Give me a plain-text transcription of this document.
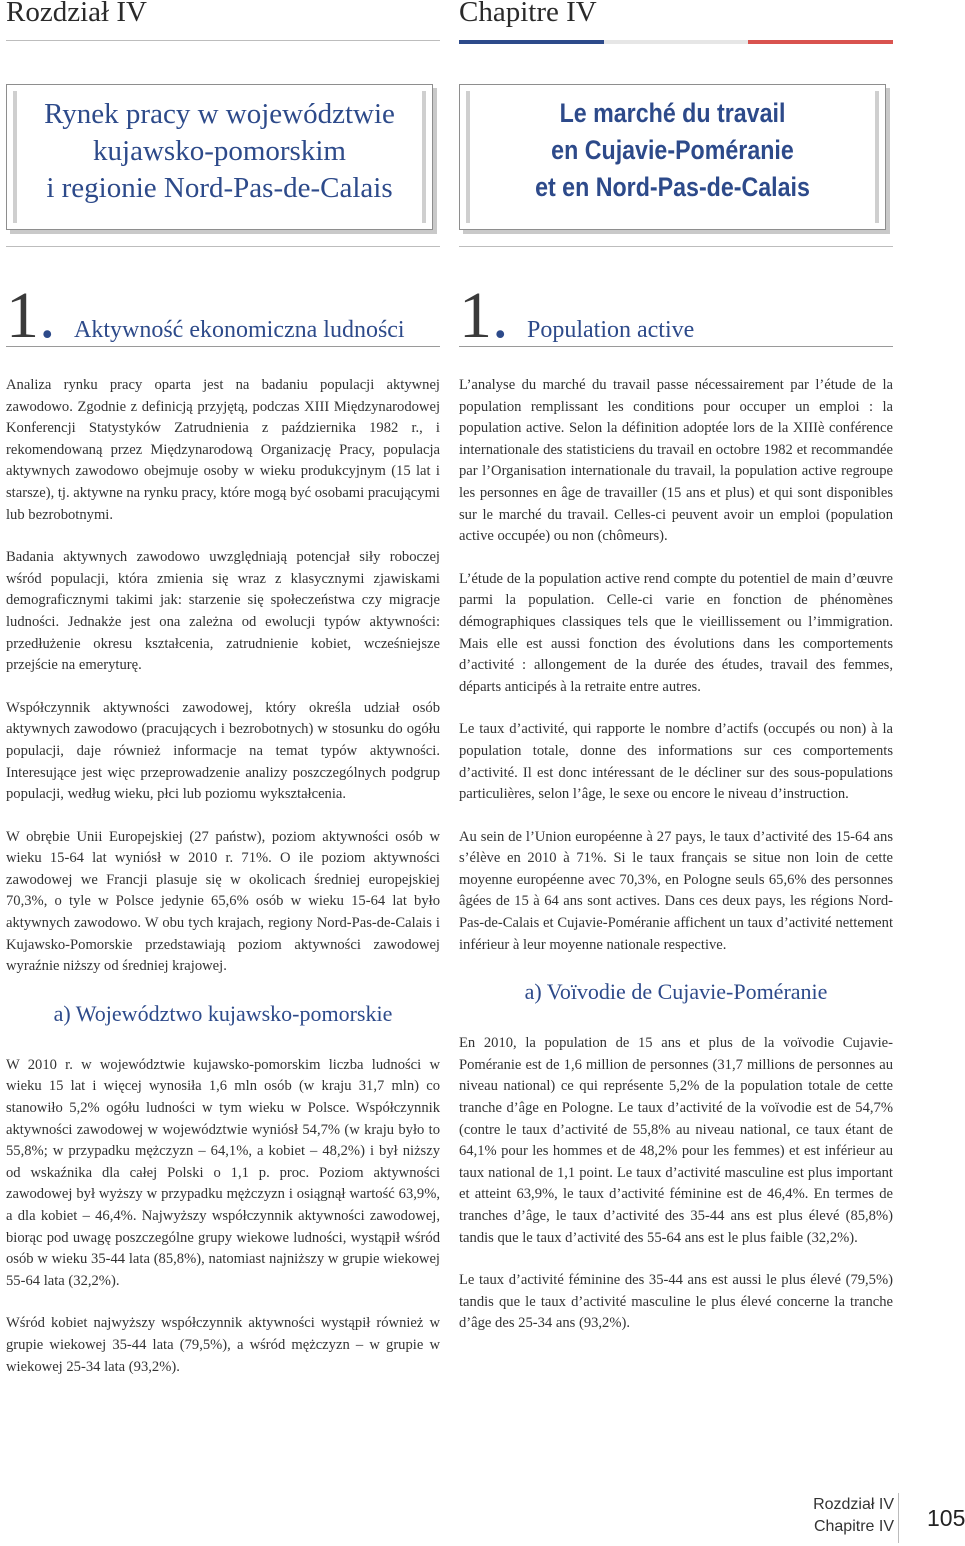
Rozdział IV
Rynek pracy w województwie
kujawsko-pomorskim
i regionie Nord-Pas-de-Calais
1. Aktywność ekonomiczna ludności

Analiza rynku pracy oparta jest na badaniu populacji aktywnej zawodowo. Zgodnie z definicją przyjętą, podczas XIII Międzynarodowej Konferencji Statystyków Zatrudnienia z października 1982 r., i rekomendowaną przez Międzynarodową Organizację Pracy, populacja aktywnych zawodowo obejmuje osoby w wieku produkcyjnym (15 lat i starsze), tj. aktywne na rynku pracy, które mogą być osobami pracującymi lub bezrobotnymi.

Badania aktywnych zawodowo uwzględniają potencjał siły roboczej wśród populacji, która zmienia się wraz z klasycznymi zjawiskami demograficznymi takimi jak: starzenie się społeczeństwa czy migracje ludności. Jednakże jest ona zależna od ewolucji typów aktywności: przedłużenie okresu kształcenia, zatrudnienie kobiet, wcześniejsze przejście na emeryturę.

Współczynnik aktywności zawodowej, który określa udział osób aktywnych zawodowo (pracujących i bezrobotnych) w stosunku do ogółu populacji, daje również informacje na temat typów aktywności. Interesujące jest więc przeprowadzenie analizy poszczególnych podgrup populacji, według wieku, płci lub poziomu wykształcenia.

W obrębie Unii Europejskiej (27 państw), poziom aktywności osób w wieku 15-64 lat wyniósł w 2010 r. 71%. O ile poziom aktywności zawodowej we Francji plasuje się w okolicach średniej europejskiej 70,3%, o tyle w Polsce jedynie 65,6% osób w wieku 15-64 lat było aktywnych zawodowo. W obu tych krajach, regiony Nord-Pas-de-Calais i Kujawsko-Pomorskie przedstawiają poziom aktywności zawodowej wyraźnie niższy od średniej krajowej.

a) Województwo kujawsko-pomorskie

W 2010 r. w województwie kujawsko-pomorskim liczba ludności w wieku 15 lat i więcej wynosiła 1,6 mln osób (w kraju 31,7 mln) co stanowiło 5,2% ogółu ludności w tym wieku w Polsce. Współczynnik aktywności zawodowej w województwie wyniósł 54,7% (w kraju było to 55,8%; w przypadku mężczyzn – 64,1%, a kobiet – 48,2%) i był niższy od wskaźnika dla całej Polski o 1,1 p. proc. Poziom aktywności zawodowej był wyższy w przypadku mężczyzn i osiągnął wartość 63,9%, a dla kobiet – 46,4%. Najwyższy współczynnik aktywności zawodowej, biorąc pod uwagę poszczególne grupy wiekowe ludności, wystąpił wśród osób w wieku 35-44 lata (85,8%), natomiast najniższy w grupie wiekowej 55-64 lata (32,2%).

Wśród kobiet najwyższy współczynnik aktywności wystąpił również w grupie wiekowej 35-44 lata (79,5%), a wśród mężczyzn – w grupie w wiekowej 25-34 lata (93,2%).

Chapitre IV
Le marché du travail
en Cujavie-Poméranie
et en Nord-Pas-de-Calais
1. Population active

L’analyse du marché du travail passe nécessairement par l’étude de la population remplissant les conditions pour occuper un emploi : la population active. Selon la définition adoptée lors de la XIIIè conférence internationale des statisticiens du travail en octobre 1982 et recommandée par l’Organisation internationale du travail, la population active regroupe les personnes en âge de travailler (15 ans et plus) et qui sont disponibles sur le marché du travail. Celles-ci peuvent avoir un emploi (population active occupée) ou non (chômeurs).

L’étude de la population active rend compte du potentiel de main d’œuvre parmi la population. Celle-ci varie en fonction de phénomènes démographiques classiques tels que le vieillissement ou l’immigration. Mais elle est aussi fonction des évolutions dans les comportements d’activité : allongement de la durée des études, travail des femmes, départs anticipés à la retraite entre autres.

Le taux d’activité, qui rapporte le nombre d’actifs (occupés ou non) à la population totale, donne des informations sur ces comportements d’activité. Il est donc intéressant de le décliner sur des sous-populations particulières, selon l’âge, le sexe ou encore le niveau d’instruction.

Au sein de l’Union européenne à 27 pays, le taux d’activité des 15-64 ans s’élève en 2010 à 71%. Si le taux français se situe non loin de cette moyenne européenne avec 70,3%, en Pologne seuls 65,6% des personnes âgées de 15 à 64 ans sont actives. Dans ces deux pays, les régions Nord-Pas-de-Calais et Cujavie-Poméranie affichent un taux d’activité nettement inférieur à leur moyenne nationale respective.

a) Voïvodie de Cujavie-Poméranie

En 2010, la population de 15 ans et plus de la voïvodie Cujavie-Poméranie est de 1,6 million de personnes (31,7 millions de personnes au niveau national) ce qui représente 5,2% de la population totale de cette tranche d’âge en Pologne. Le taux d’activité de la voïvodie est de 54,7% (contre le taux d’activité de 55,8% au niveau national, ce taux étant de 64,1% pour les hommes et de 48,2% pour les femmes) et est inférieur au taux national de 1,1 point. Le taux d’activité masculine est plus important et atteint 63,9%, le taux d’activité féminine est de 46,4%. En termes de tranches d’âge, le taux d’activité des 35-44 ans est plus élevé (85,8%) tandis que le taux d’activité des 55-64 ans est le plus faible (32,2%).

Le taux d’activité féminine des 35-44 ans est aussi le plus élevé (79,5%) tandis que le taux d’activité masculine le plus élevé concerne la tranche d’âge des 25-34 ans (93,2%).

Rozdział IV
Chapitre IV	105
